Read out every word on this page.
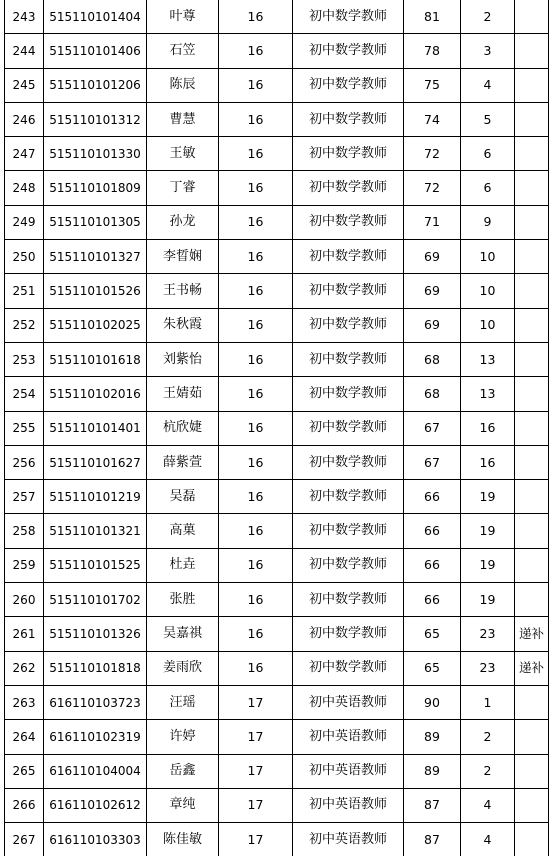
243	515110101404	叶尊	16	初中数学教师	81	2	
244	515110101406	石笠	16	初中数学教师	78	3	
245	515110101206	陈辰	16	初中数学教师	75	4	
246	515110101312	曹慧	16	初中数学教师	74	5	
247	515110101330	王敏	16	初中数学教师	72	6	
248	515110101809	丁睿	16	初中数学教师	72	6	
249	515110101305	孙龙	16	初中数学教师	71	9	
250	515110101327	李晢娴	16	初中数学教师	69	10	
251	515110101526	王书畅	16	初中数学教师	69	10	
252	515110102025	朱秋霞	16	初中数学教师	69	10	
253	515110101618	刘紫怡	16	初中数学教师	68	13	
254	515110102016	王婧茹	16	初中数学教师	68	13	
255	515110101401	杭欣婕	16	初中数学教师	67	16	
256	515110101627	薛紫萱	16	初中数学教师	67	16	
257	515110101219	吴磊	16	初中数学教师	66	19	
258	515110101321	高菓	16	初中数学教师	66	19	
259	515110101525	杜垚	16	初中数学教师	66	19	
260	515110101702	张胜	16	初中数学教师	66	19	
261	515110101326	吴嘉祺	16	初中数学教师	65	23	递补
262	515110101818	姜雨欣	16	初中数学教师	65	23	递补
263	616110103723	汪瑶	17	初中英语教师	90	1	
264	616110102319	许婷	17	初中英语教师	89	2	
265	616110104004	岳鑫	17	初中英语教师	89	2	
266	616110102612	章纯	17	初中英语教师	87	4	
267	616110103303	陈佳敏	17	初中英语教师	87	4	
